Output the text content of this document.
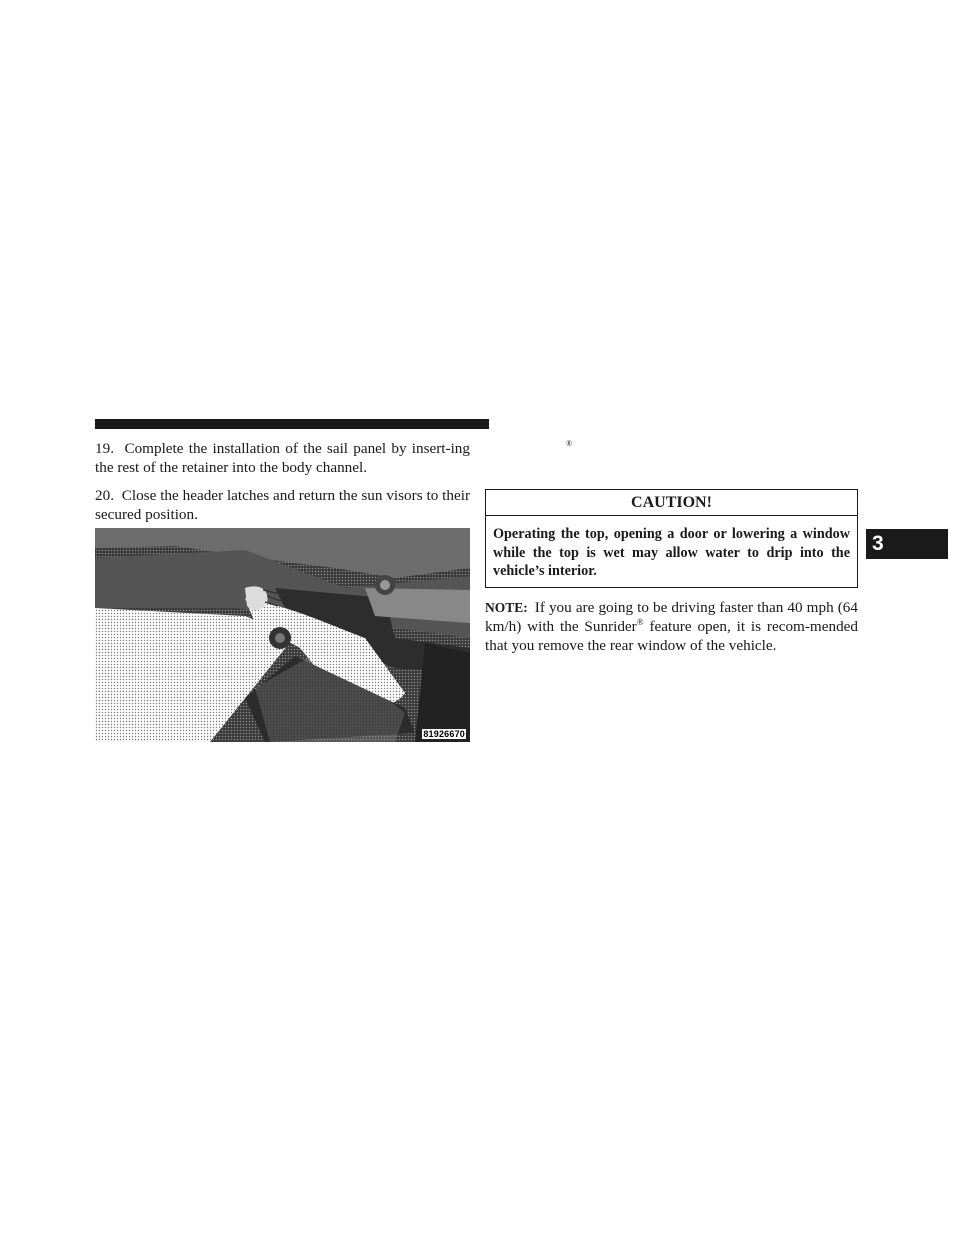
19. Complete the installation of the sail panel by insert-ing the rest of the retainer into the body channel.
20. Close the header latches and return the sun visors to their secured position.
81926670
®
CAUTION!
Operating the top, opening a door or lowering a window while the top is wet may allow water to drip into the vehicle’s interior.
NOTE: If you are going to be driving faster than 40 mph (64 km/h) with the Sunrider® feature open, it is recom-mended that you remove the rear window of the vehicle.
3
